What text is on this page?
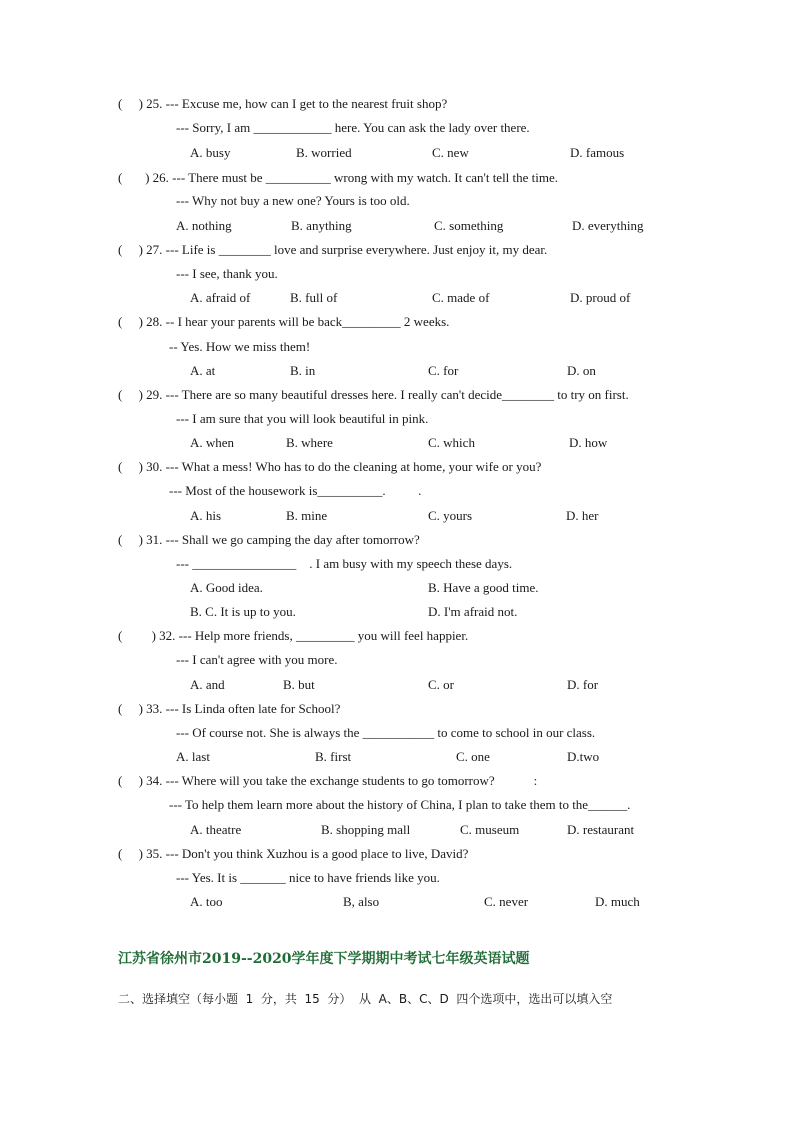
(     ) 25. --- Excuse me, how can I get to the nearest fruit shop?
--- Sorry, I am ____________ here. You can ask the lady over there.
A. busy	B. worried	C. new	D. famous
(       ) 26. --- There must be __________ wrong with my watch. It can't tell the time.
--- Why not buy a new one? Yours is too old.
A. nothing	B. anything	C. something	D. everything
(     ) 27. --- Life is ________ love and surprise everywhere. Just enjoy it, my dear.
--- I see, thank you.
A. afraid of	B. full of	C. made of	D. proud of
(     ) 28. -- I hear your parents will be back_________ 2 weeks.
-- Yes. How we miss them!
A. at	B. in	C. for	D. on
(     ) 29. --- There are so many beautiful dresses here. I really can't decide________ to try on first.
--- I am sure that you will look beautiful in pink.
A. when	B. where	C. which	D. how
(     ) 30. --- What a mess! Who has to do the cleaning at home, your wife or you?
--- Most of the housework is__________.          .
A. his	B. mine	C. yours	D. her
(     ) 31. --- Shall we go camping the day after tomorrow?
--- ________________    . I am busy with my speech these days.
A. Good idea.	B. Have a good time.
B. C. It is up to you.	D. I'm afraid not.
(         ) 32. --- Help more friends, _________ you will feel happier.
--- I can't agree with you more.
A. and	B. but	C. or	D. for
(     ) 33. --- Is Linda often late for School?
--- Of course not. She is always the ___________ to come to school in our class.
A. last	B. first	C. one	D.two
(     ) 34. --- Where will you take the exchange students to go tomorrow?            :
--- To help them learn more about the history of China, I plan to take them to the______.
A. theatre	B. shopping mall	C. museum	D. restaurant
(     ) 35. --- Don't you think Xuzhou is a good place to live, David?
--- Yes. It is _______ nice to have friends like you.
A. too	B, also	C. never	D. much
江苏省徐州市2019--2020学年度下学期期中考试七年级英语试题
二、选择填空（每小题  1  分，共  15  分）  从  A、B、C、D  四个选项中，选出可以填入空
